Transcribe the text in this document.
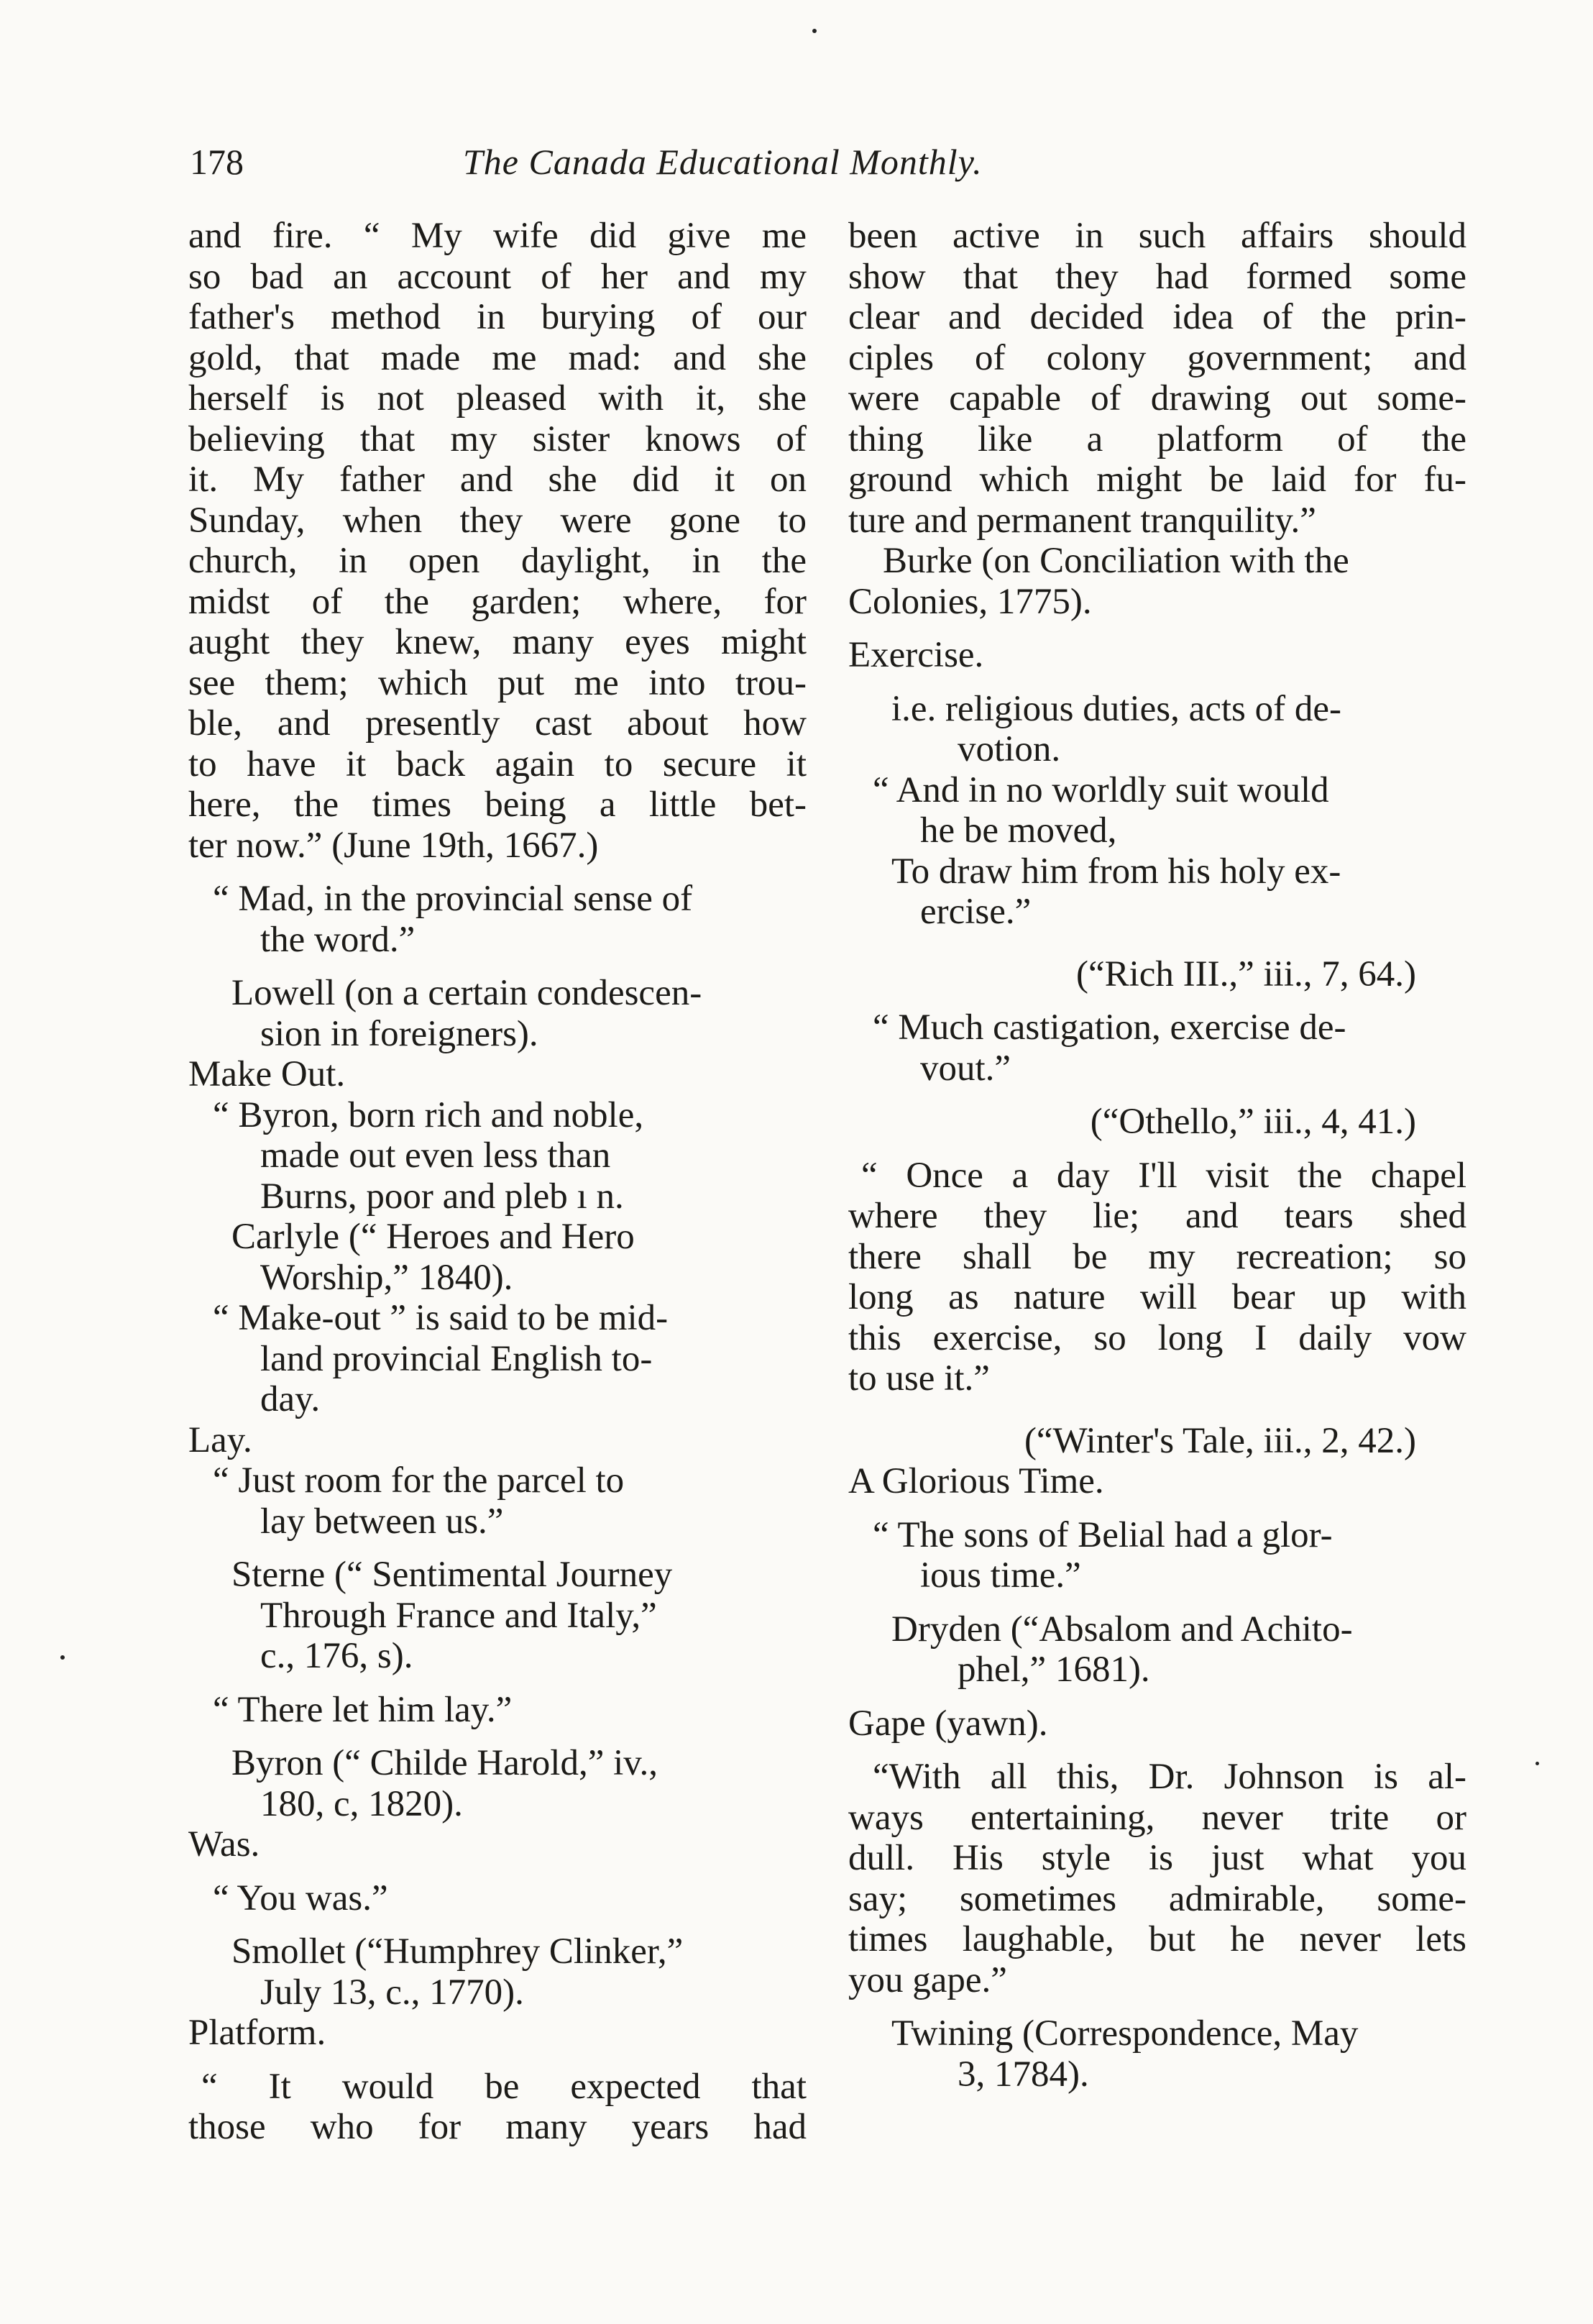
178	The Canada Educational Monthly.

and fire. “ My wife did give me

so bad an account of her and my

father's method in burying of our

gold, that made me mad: and she

herself is not pleased with it, she

believing that my sister knows of

it. My father and she did it on

Sunday, when they were gone to

church, in open daylight, in the

midst of the garden; where, for

aught they knew, many eyes might

see them; which put me into trou-

ble, and presently cast about how

to have it back again to secure it

here, the times being a little bet-

ter now.” (June 19th, 1667.)

“ Mad, in the provincial sense of

the word.”

Lowell (on a certain condescen-

sion in foreigners).

Make Out.

“ Byron, born rich and noble,

made out even less than

Burns, poor and pleb ı n.

Carlyle (“ Heroes and Hero

Worship,” 1840).

“ Make-out ” is said to be mid-

land provincial English to-

day.

Lay.

“ Just room for the parcel to

lay between us.”

Sterne (“ Sentimental Journey

Through France and Italy,”

c., 176, s).

“ There let him lay.”

Byron (“ Childe Harold,” iv.,

180, c, 1820).

Was.

“ You was.”

Smollet (“Humphrey Clinker,”

July 13, c., 1770).

Platform.

“ It would be expected that

those who for many years had

been active in such affairs should

show that they had formed some

clear and decided idea of the prin-

ciples of colony government; and

were capable of drawing out some-

thing like a platform of the

ground which might be laid for fu-

ture and permanent tranquility.”

Burke (on Conciliation with the

Colonies, 1775).

Exercise.

i.e. religious duties, acts of de-

votion.

“ And in no worldly suit would

he be moved,

To draw him from his holy ex-

ercise.”

(“Rich III.,” iii., 7, 64.)

“ Much castigation, exercise de-

vout.”

(“Othello,” iii., 4, 41.)

“ Once a day I'll visit the chapel

where they lie; and tears shed

there shall be my recreation; so

long as nature will bear up with

this exercise, so long I daily vow

to use it.”

(“Winter's Tale, iii., 2, 42.)

A Glorious Time.

“ The sons of Belial had a glor-

ious time.”

Dryden (“Absalom and Achito-

phel,” 1681).

Gape (yawn).

“With all this, Dr. Johnson is al-

ways entertaining, never trite or

dull. His style is just what you

say; sometimes admirable, some-

times laughable, but he never lets

you gape.”

Twining (Correspondence, May

3, 1784).
